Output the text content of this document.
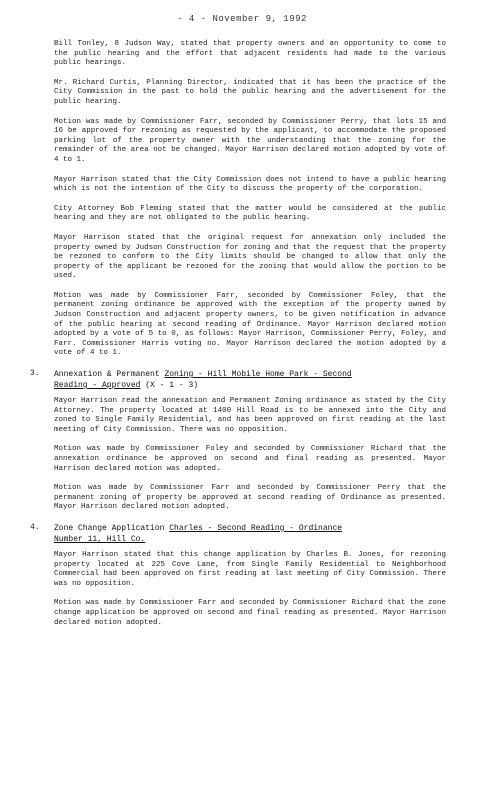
- 4 - November 9, 1992

Bill Tonley, 8 Judson Way, stated that property owners and an opportunity to come to the public hearing and the effort that adjacent residents had made to the various public hearings.

Mr. Richard Curtis, Planning Director, indicated that it has been the practice of the City Commission in the past to hold the public hearing and the advertisement for the public hearing.

Motion was made by Commissioner Farr, seconded by Commissioner Perry, that lots 15 and 16 be approved for rezoning as requested by the applicant, to accommodate the proposed parking lot of the property owner with the understanding that the zoning for the remainder of the area not be changed. Mayor Harrison declared motion adopted by vote of 4 to 1.

Mayor Harrison stated that the City Commission does not intend to have a public hearing which is not the intention of the City to discuss the property of the corporation.

City Attorney Bob Fleming stated that the matter would be considered at the public hearing and they are not obligated to the public hearing.

Mayor Harrison stated that the original request for annexation only included the property owned by Judson Construction for zoning and that the request that the property be rezoned to conform to the City limits should be changed to allow that only the property of the applicant be rezoned for the zoning that would allow the portion to be used.

Motion was made by Commissioner Farr, seconded by Commissioner Foley, that the permanent zoning ordinance be approved with the exception of the property owned by Judson Construction and adjacent property owners, to be given notification in advance of the public hearing at second reading of Ordinance. Mayor Harrison declared motion adopted by a vote of 5 to 0, as follows: Mayor Harrison, Commissioner Perry, Foley, and Farr. Commissioner Harris voting no. Mayor Harrison declared the motion adopted by a vote of 4 to 1.

3. Annexation & Permanent Zoning - Hill Mobile Home Park - Second
Reading - Approved (X - 1 - 3)

Mayor Harrison read the annexation and Permanent Zoning ordinance as stated by the City Attorney. The property located at 1400 Hill Road is to be annexed into the City and zoned to Single Family Residential, and has been approved on first reading at the last meeting of City Commission. There was no opposition.

Motion was made by Commissioner Foley and seconded by Commissioner Richard that the annexation ordinance be approved on second and final reading as presented. Mayor Harrison declared motion was adopted.

Motion was made by Commissioner Farr and seconded by Commissioner Perry that the permanent zoning of property be approved at second reading of Ordinance as presented. Mayor Harrison declared motion adopted.

4. Zone Change Application Charles - Second Reading - Ordinance
Number 11, Hill Co.

Mayor Harrison stated that this change application by Charles B. Jones, for rezoning property located at 225 Cove Lane, from Single Family Residential to Neighborhood Commercial had been approved on first reading at last meeting of City Commission. There was no opposition.

Motion was made by Commissioner Farr and seconded by Commissioner Richard that the zone change application be approved on second and final reading as presented. Mayor Harrison declared motion adopted.
